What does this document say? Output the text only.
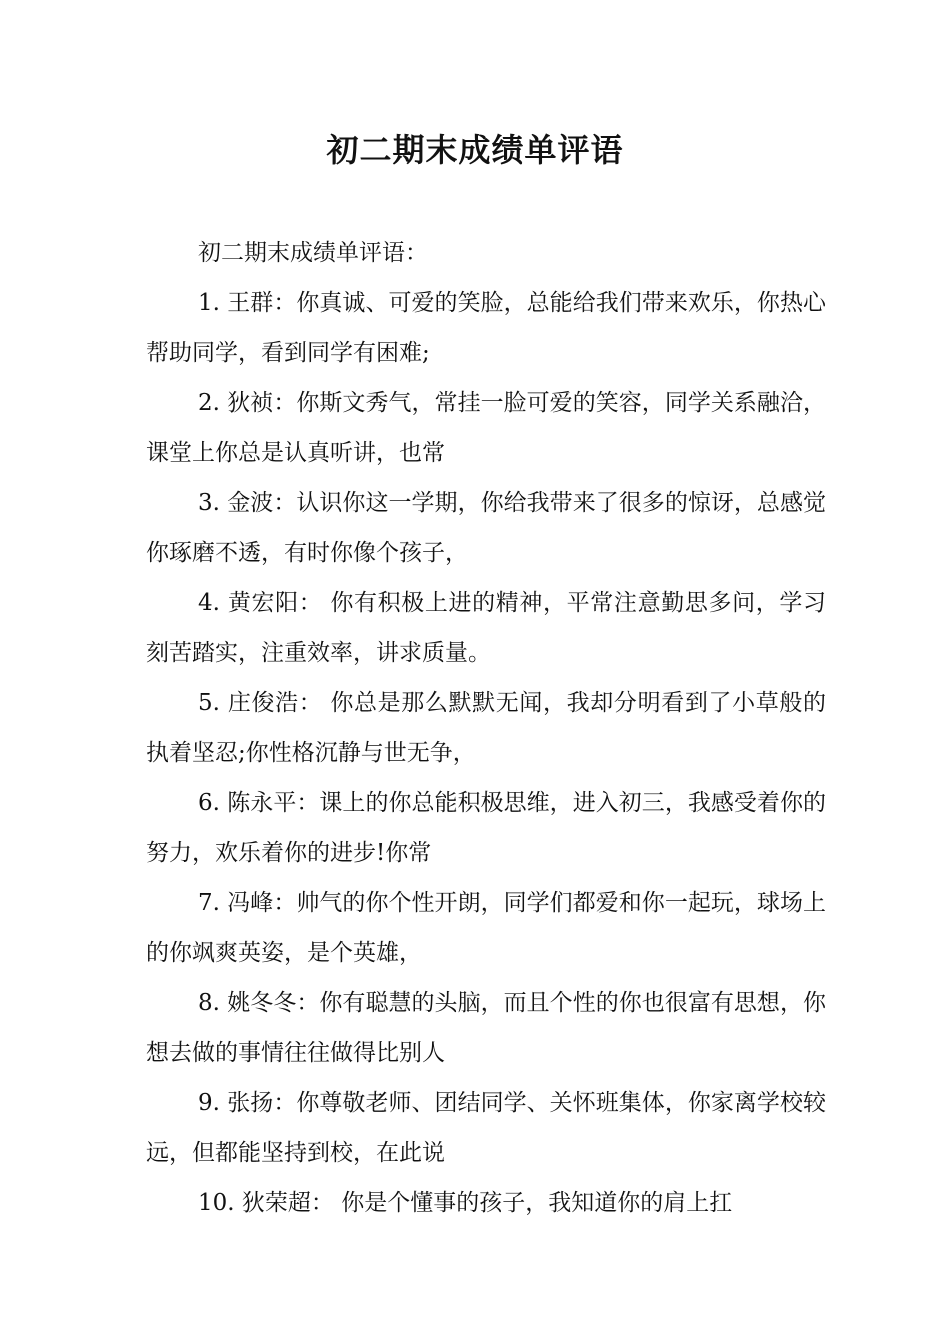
初二期末成绩单评语

初二期末成绩单评语：

1. 王群：你真诚、可爱的笑脸，总能给我们带来欢乐，你热心帮助同学，看到同学有困难;

2. 狄祯：你斯文秀气，常挂一脸可爱的笑容，同学关系融洽，课堂上你总是认真听讲，也常

3. 金波：认识你这一学期，你给我带来了很多的惊讶，总感觉你琢磨不透，有时你像个孩子，

4. 黄宏阳： 你有积极上进的精神，平常注意勤思多问，学习刻苦踏实，注重效率，讲求质量。

5. 庄俊浩： 你总是那么默默无闻，我却分明看到了小草般的执着坚忍;你性格沉静与世无争，

6. 陈永平：课上的你总能积极思维，进入初三，我感受着你的努力，欢乐着你的进步!你常

7. 冯峰：帅气的你个性开朗，同学们都爱和你一起玩，球场上的你飒爽英姿，是个英雄，

8. 姚冬冬：你有聪慧的头脑，而且个性的你也很富有思想，你想去做的事情往往做得比别人

9. 张扬：你尊敬老师、团结同学、关怀班集体，你家离学校较远，但都能坚持到校，在此说

10. 狄荣超： 你是个懂事的孩子，我知道你的肩上扛
